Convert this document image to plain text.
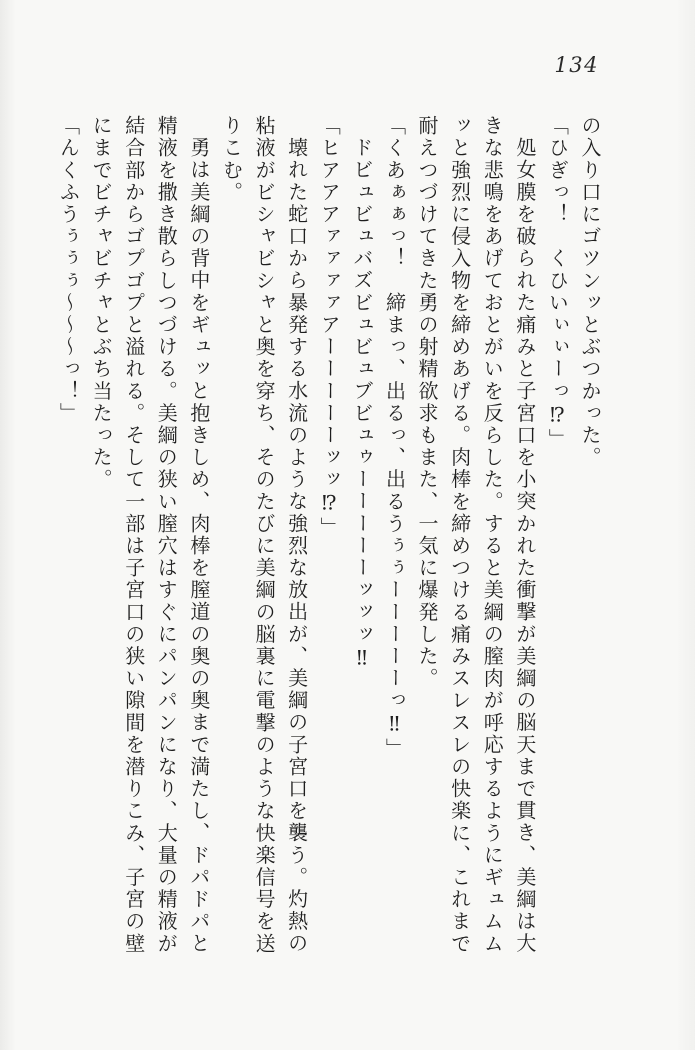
134
の入り口にゴツンッとぶつかった。
「ひぎっ！　くひいぃぃーっ⁉」
処女膜を破られた痛みと子宮口を小突かれた衝撃が美綱の脳天まで貫き、美綱は大
きな悲鳴をあげておとがいを反らした。すると美綱の膣肉が呼応するようにギュムム
ッと強烈に侵入物を締めあげる。肉棒を締めつける痛みスレスレの快楽に、これまで
耐えつづけてきた勇の射精欲求もまた、一気に爆発した。
「くあぁぁっ！　締まっ、出るっ、出るうぅぅーーーーーっ‼」
ドビュビュバズビュビュブビュゥーーーーーッッッ‼
「ヒアアアァァァァアーーーーーッッ⁉」
壊れた蛇口から暴発する水流のような強烈な放出が、美綱の子宮口を襲う。灼熱の
粘液がビシャビシャと奥を穿ち、そのたびに美綱の脳裏に電撃のような快楽信号を送
りこむ。
勇は美綱の背中をギュッと抱きしめ、肉棒を膣道の奥の奥まで満たし、ドパドパと
精液を撒き散らしつづける。美綱の狭い膣穴はすぐにパンパンになり、大量の精液が
結合部からゴプゴプと溢れる。そして一部は子宮口の狭い隙間を潜りこみ、子宮の壁
にまでビチャビチャとぶち当たった。
「んくふうぅぅぅ～～～っ！」
